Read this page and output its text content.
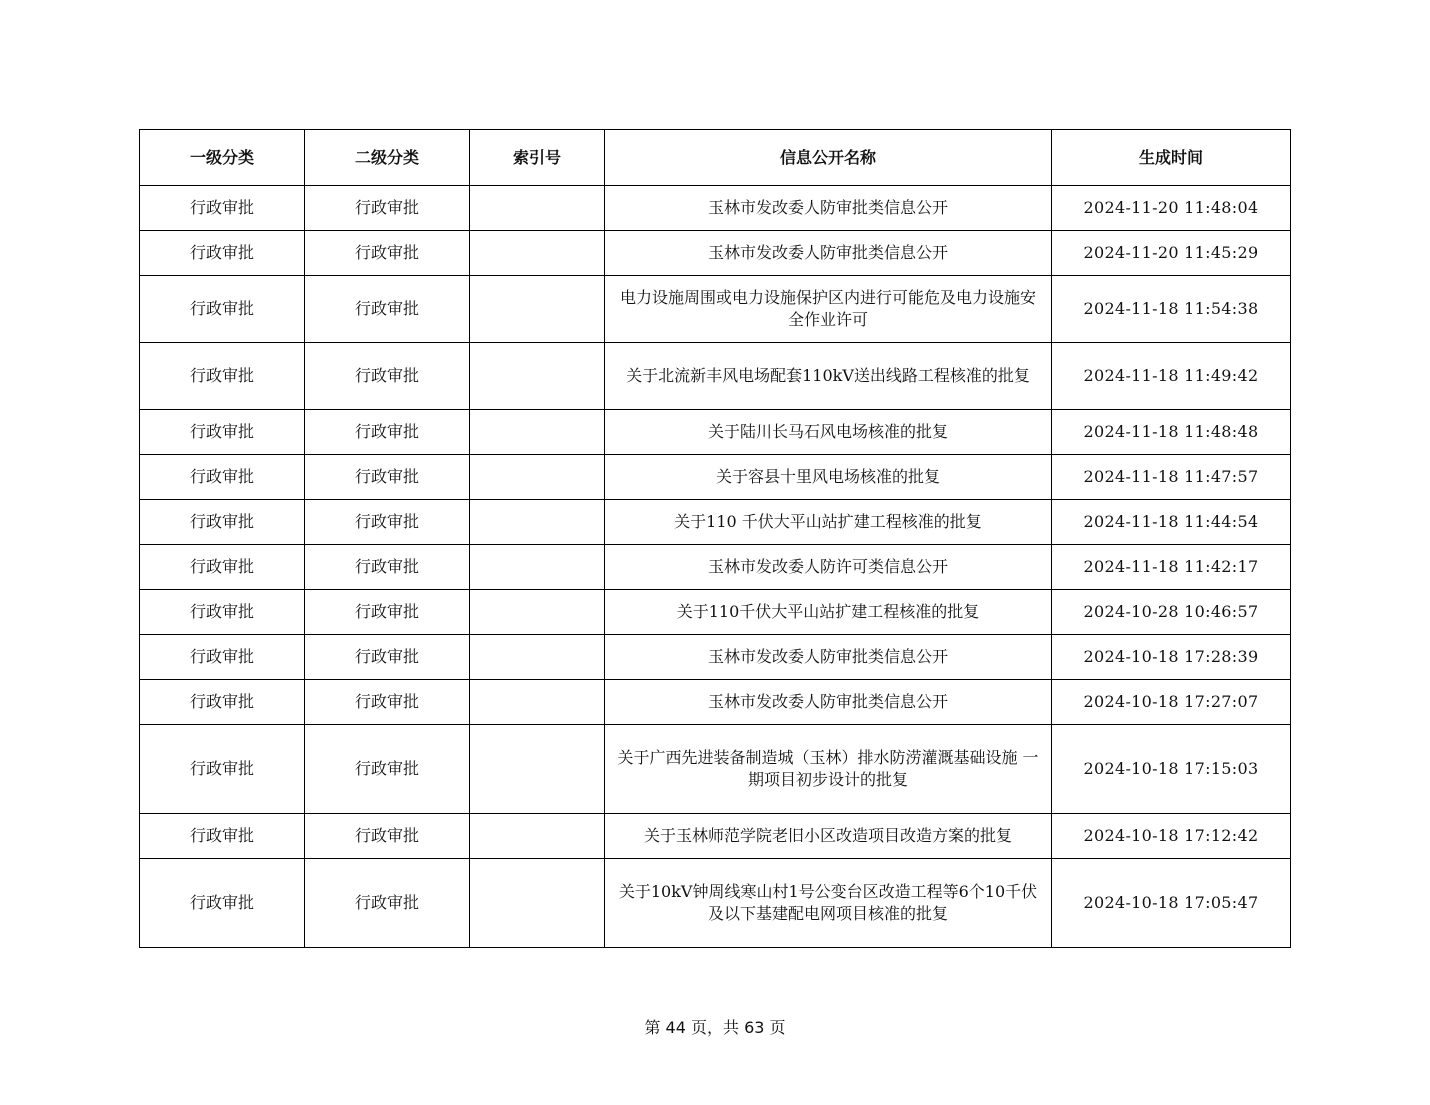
一级分类	二级分类	索引号	信息公开名称	生成时间
行政审批	行政审批		玉林市发改委人防审批类信息公开	2024-11-20 11:48:04
行政审批	行政审批		玉林市发改委人防审批类信息公开	2024-11-20 11:45:29
行政审批	行政审批		电力设施周围或电力设施保护区内进行可能危及电力设施安全作业许可	2024-11-18 11:54:38
行政审批	行政审批		关于北流新丰风电场配套110kV送出线路工程核准的批复	2024-11-18 11:49:42
行政审批	行政审批		关于陆川长马石风电场核准的批复	2024-11-18 11:48:48
行政审批	行政审批		关于容县十里风电场核准的批复	2024-11-18 11:47:57
行政审批	行政审批		关于110 千伏大平山站扩建工程核准的批复	2024-11-18 11:44:54
行政审批	行政审批		玉林市发改委人防许可类信息公开	2024-11-18 11:42:17
行政审批	行政审批		关于110千伏大平山站扩建工程核准的批复	2024-10-28 10:46:57
行政审批	行政审批		玉林市发改委人防审批类信息公开	2024-10-18 17:28:39
行政审批	行政审批		玉林市发改委人防审批类信息公开	2024-10-18 17:27:07
行政审批	行政审批		关于广西先进装备制造城（玉林）排水防涝灌溉基础设施 一期项目初步设计的批复	2024-10-18 17:15:03
行政审批	行政审批		关于玉林师范学院老旧小区改造项目改造方案的批复	2024-10-18 17:12:42
行政审批	行政审批		关于10kV钟周线寒山村1号公变台区改造工程等6个10千伏及以下基建配电网项目核准的批复	2024-10-18 17:05:47
第 44 页，共 63 页
